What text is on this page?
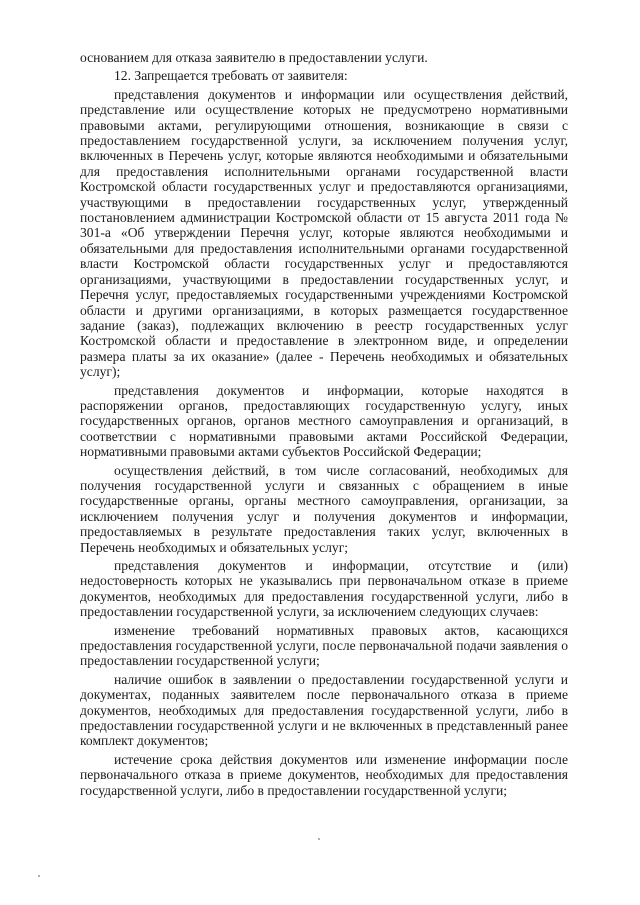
основанием для отказа заявителю в предоставлении услуги.

12. Запрещается требовать от заявителя:

представления документов и информации или осуществления действий, представление или осуществление которых не предусмотрено нормативными правовыми актами, регулирующими отношения, возникающие в связи с предоставлением государственной услуги, за исключением получения услуг, включенных в Перечень услуг, которые являются необходимыми и обязательными для предоставления исполнительными органами государственной власти Костромской области государственных услуг и предоставляются организациями, участвующими в предоставлении государственных услуг, утвержденный постановлением администрации Костромской области от 15 августа 2011 года № 301-а «Об утверждении Перечня услуг, которые являются необходимыми и обязательными для предоставления исполнительными органами государственной власти Костромской области государственных услуг и предоставляются организациями, участвующими в предоставлении государственных услуг, и Перечня услуг, предоставляемых государственными учреждениями Костромской области и другими организациями, в которых размещается государственное задание (заказ), подлежащих включению в реестр государственных услуг Костромской области и предоставление в электронном виде, и определении размера платы за их оказание» (далее - Перечень необходимых и обязательных услуг);

представления документов и информации, которые находятся в распоряжении органов, предоставляющих государственную услугу, иных государственных органов, органов местного самоуправления и организаций, в соответствии с нормативными правовыми актами Российской Федерации, нормативными правовыми актами субъектов Российской Федерации;

осуществления действий, в том числе согласований, необходимых для получения государственной услуги и связанных с обращением в иные государственные органы, органы местного самоуправления, организации, за исключением получения услуг и получения документов и информации, предоставляемых в результате предоставления таких услуг, включенных в Перечень необходимых и обязательных услуг;

представления документов и информации, отсутствие и (или) недостоверность которых не указывались при первоначальном отказе в приеме документов, необходимых для предоставления государственной услуги, либо в предоставлении государственной услуги, за исключением следующих случаев:

изменение требований нормативных правовых актов, касающихся предоставления государственной услуги, после первоначальной подачи заявления о предоставлении государственной услуги;

наличие ошибок в заявлении о предоставлении государственной услуги и документах, поданных заявителем после первоначального отказа в приеме документов, необходимых для предоставления государственной услуги, либо в предоставлении государственной услуги и не включенных в представленный ранее комплект документов;

истечение срока действия документов или изменение информации после первоначального отказа в приеме документов, необходимых для предоставления государственной услуги, либо в предоставлении государственной услуги;
